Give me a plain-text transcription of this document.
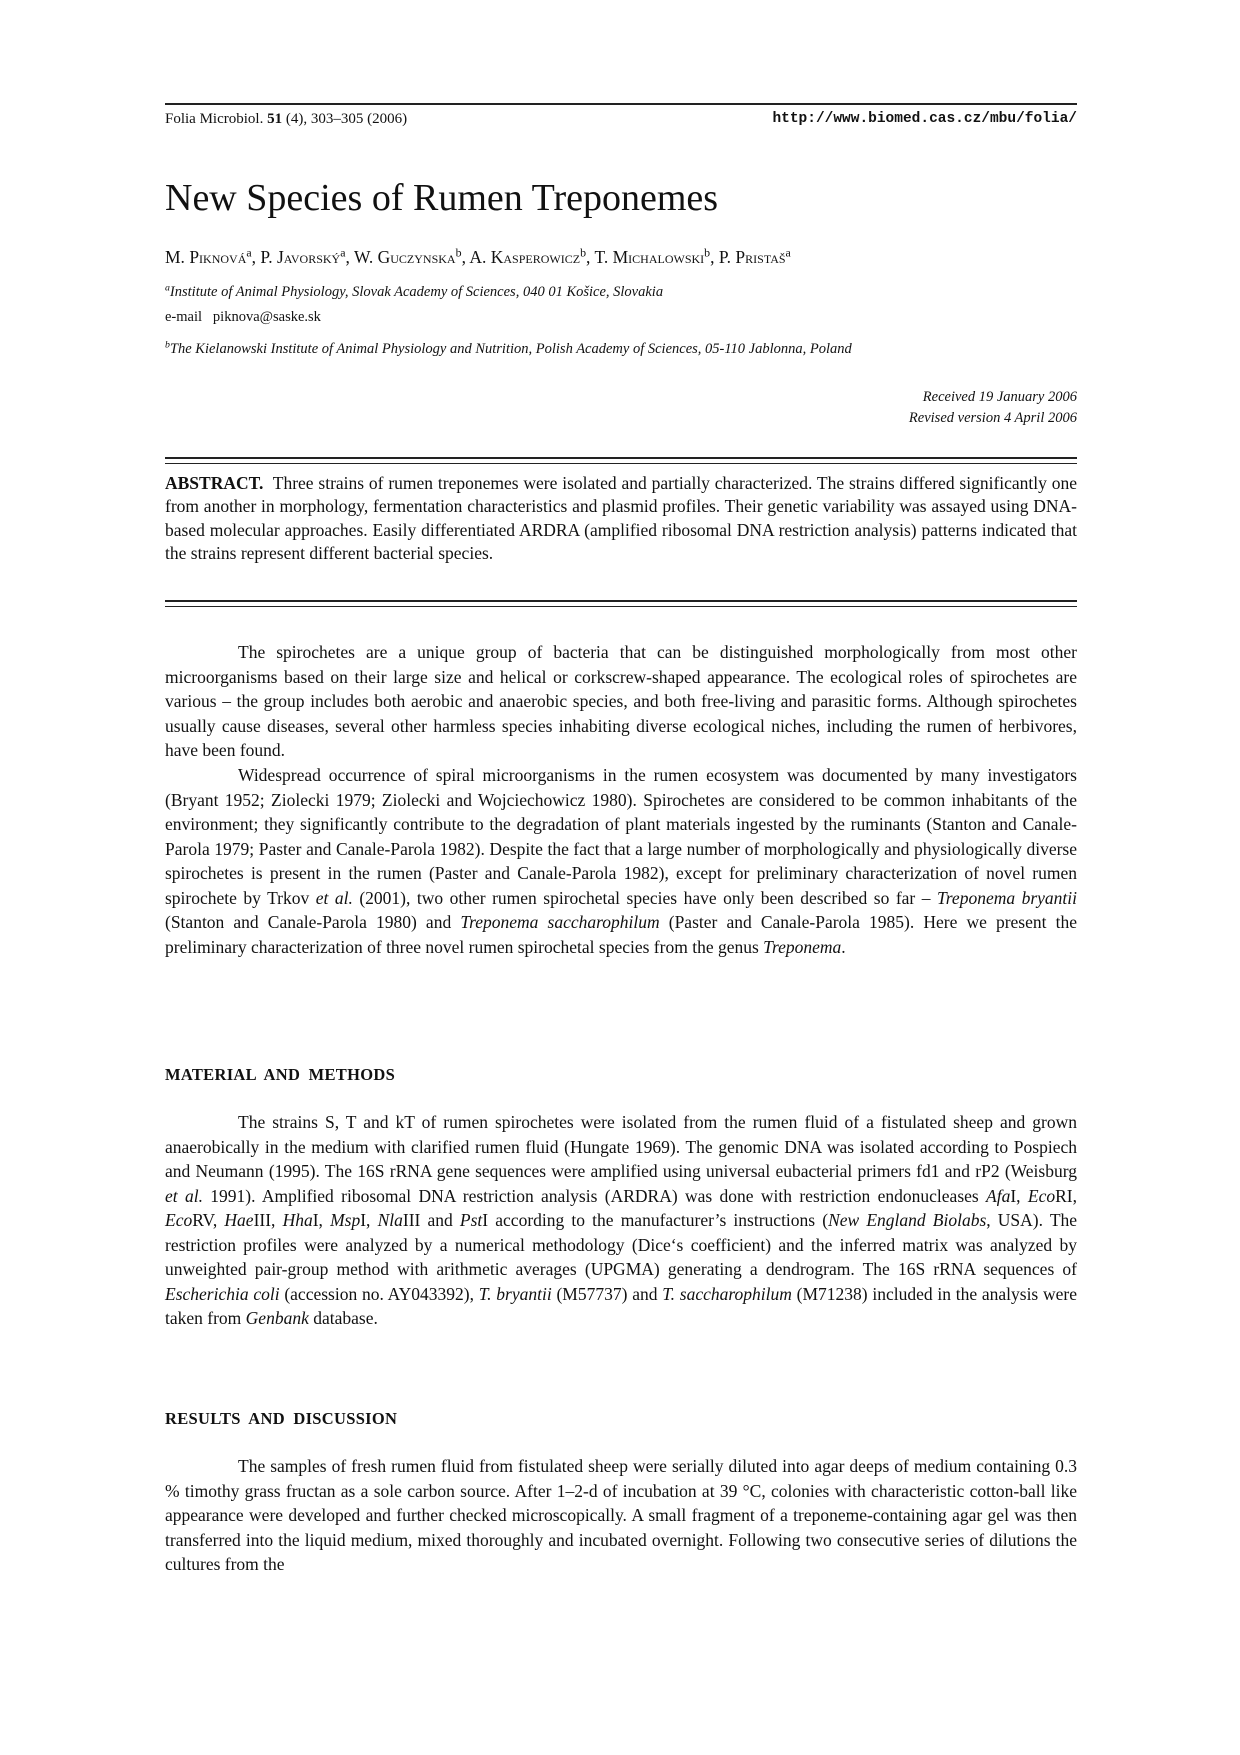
Folia Microbiol. 51 (4), 303–305 (2006)	http://www.biomed.cas.cz/mbu/folia/
New Species of Rumen Treponemes
M. Piknová$^a$, P. Javorský$^a$, W. Guczynska$^b$, A. Kasperowicz$^b$, T. Michalowski$^b$, P. Pristaš$^a$
$^a$Institute of Animal Physiology, Slovak Academy of Sciences, 040 01 Košice, Slovakia
e-mail piknova@saske.sk
$^b$The Kielanowski Institute of Animal Physiology and Nutrition, Polish Academy of Sciences, 05-110 Jablonna, Poland
Received 19 January 2006
Revised version 4 April 2006

ABSTRACT. Three strains of rumen treponemes were isolated and partially characterized. The strains differed significantly one from another in morphology, fermentation characteristics and plasmid profiles. Their genetic variability was assayed using DNA-based molecular approaches. Easily differentiated ARDRA (amplified ribosomal DNA restriction analysis) patterns indicated that the strains represent different bacterial species.

The spirochetes are a unique group of bacteria that can be distinguished morphologically from most other microorganisms based on their large size and helical or corkscrew-shaped appearance. The ecological roles of spirochetes are various – the group includes both aerobic and anaerobic species, and both free-living and parasitic forms. Although spirochetes usually cause diseases, several other harmless species inhabiting diverse ecological niches, including the rumen of herbivores, have been found.

Widespread occurrence of spiral microorganisms in the rumen ecosystem was documented by many investigators (Bryant 1952; Ziolecki 1979; Ziolecki and Wojciechowicz 1980). Spirochetes are considered to be common inhabitants of the environment; they significantly contribute to the degradation of plant materials ingested by the ruminants (Stanton and Canale-Parola 1979; Paster and Canale-Parola 1982). Despite the fact that a large number of morphologically and physiologically diverse spirochetes is present in the rumen (Paster and Canale-Parola 1982), except for preliminary characterization of novel rumen spirochete by Trkov et al. (2001), two other rumen spirochetal species have only been described so far – Treponema bryantii (Stanton and Canale-Parola 1980) and Treponema saccharophilum (Paster and Canale-Parola 1985). Here we present the preliminary characterization of three novel rumen spirochetal species from the genus Treponema.

MATERIAL AND METHODS

The strains S, T and kT of rumen spirochetes were isolated from the rumen fluid of a fistulated sheep and grown anaerobically in the medium with clarified rumen fluid (Hungate 1969). The genomic DNA was isolated according to Pospiech and Neumann (1995). The 16S rRNA gene sequences were amplified using universal eubacterial primers fd1 and rP2 (Weisburg et al. 1991). Amplified ribosomal DNA restriction analysis (ARDRA) was done with restriction endonucleases AfaI, EcoRI, EcoRV, HaeIII, HhaI, MspI, NlaIII and PstI according to the manufacturer’s instructions (New England Biolabs, USA). The restriction profiles were analyzed by a numerical methodology (Dice‘s coefficient) and the inferred matrix was analyzed by unweighted pair-group method with arithmetic averages (UPGMA) generating a dendrogram. The 16S rRNA sequences of Escherichia coli (accession no. AY043392), T. bryantii (M57737) and T. saccharophilum (M71238) included in the analysis were taken from Genbank database.

RESULTS AND DISCUSSION

The samples of fresh rumen fluid from fistulated sheep were serially diluted into agar deeps of medium containing 0.3 % timothy grass fructan as a sole carbon source. After 1–2-d of incubation at 39 °C, colonies with characteristic cotton-ball like appearance were developed and further checked microscopically. A small fragment of a treponeme-containing agar gel was then transferred into the liquid medium, mixed thoroughly and incubated overnight. Following two consecutive series of dilutions the cultures from the
